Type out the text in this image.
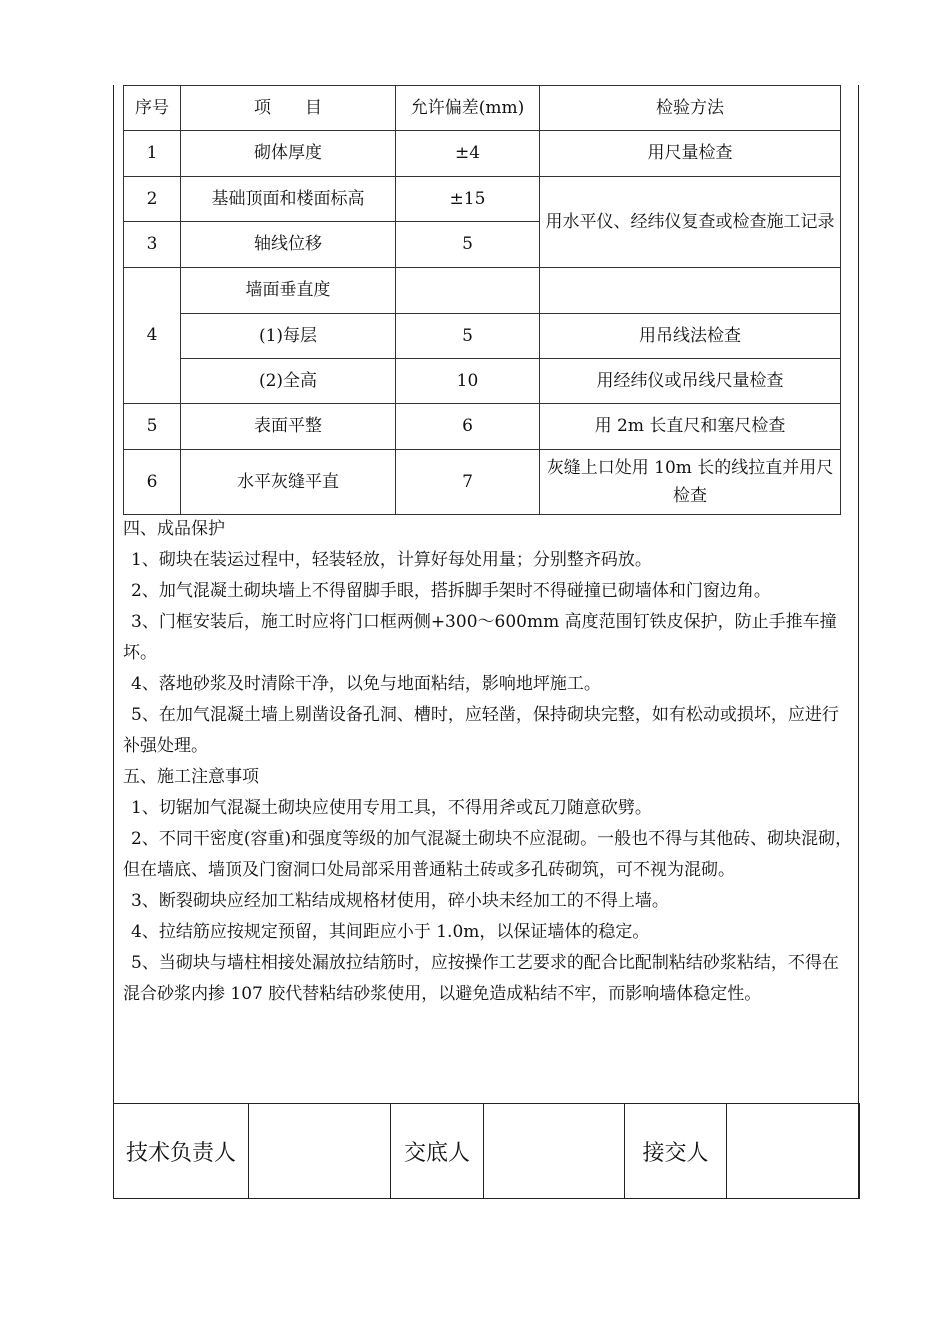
序号	项　　目	允许偏差(mm)	检验方法
1	砌体厚度	±4	用尺量检查
2	基础顶面和楼面标高	±15	用水平仪、经纬仪复查或检查施工记录
3	轴线位移	5	
4	墙面垂直度		
	(1)每层	5	用吊线法检查
	(2)全高	10	用经纬仪或吊线尺量检查
5	表面平整	6	用 2m 长直尺和塞尺检查
6	水平灰缝平直	7	灰缝上口处用 10m 长的线拉直并用尺检查
四、成品保护
1、砌块在装运过程中，轻装轻放，计算好每处用量；分别整齐码放。
2、加气混凝土砌块墙上不得留脚手眼，搭拆脚手架时不得碰撞已砌墙体和门窗边角。
3、门框安装后，施工时应将门口框两侧+300～600mm 高度范围钉铁皮保护，防止手推车撞坏。
4、落地砂浆及时清除干净，以免与地面粘结，影响地坪施工。
5、在加气混凝土墙上剔凿设备孔洞、槽时，应轻凿，保持砌块完整，如有松动或损坏，应进行补强处理。
五、施工注意事项
1、切锯加气混凝土砌块应使用专用工具，不得用斧或瓦刀随意砍劈。
2、不同干密度(容重)和强度等级的加气混凝土砌块不应混砌。一般也不得与其他砖、砌块混砌，但在墙底、墙顶及门窗洞口处局部采用普通粘土砖或多孔砖砌筑，可不视为混砌。
3、断裂砌块应经加工粘结成规格材使用，碎小块未经加工的不得上墙。
4、拉结筋应按规定预留，其间距应小于 1.0m，以保证墙体的稳定。
5、当砌块与墙柱相接处漏放拉结筋时，应按操作工艺要求的配合比配制粘结砂浆粘结，不得在混合砂浆内掺 107 胶代替粘结砂浆使用，以避免造成粘结不牢，而影响墙体稳定性。
技术负责人		交底人		接交人	
